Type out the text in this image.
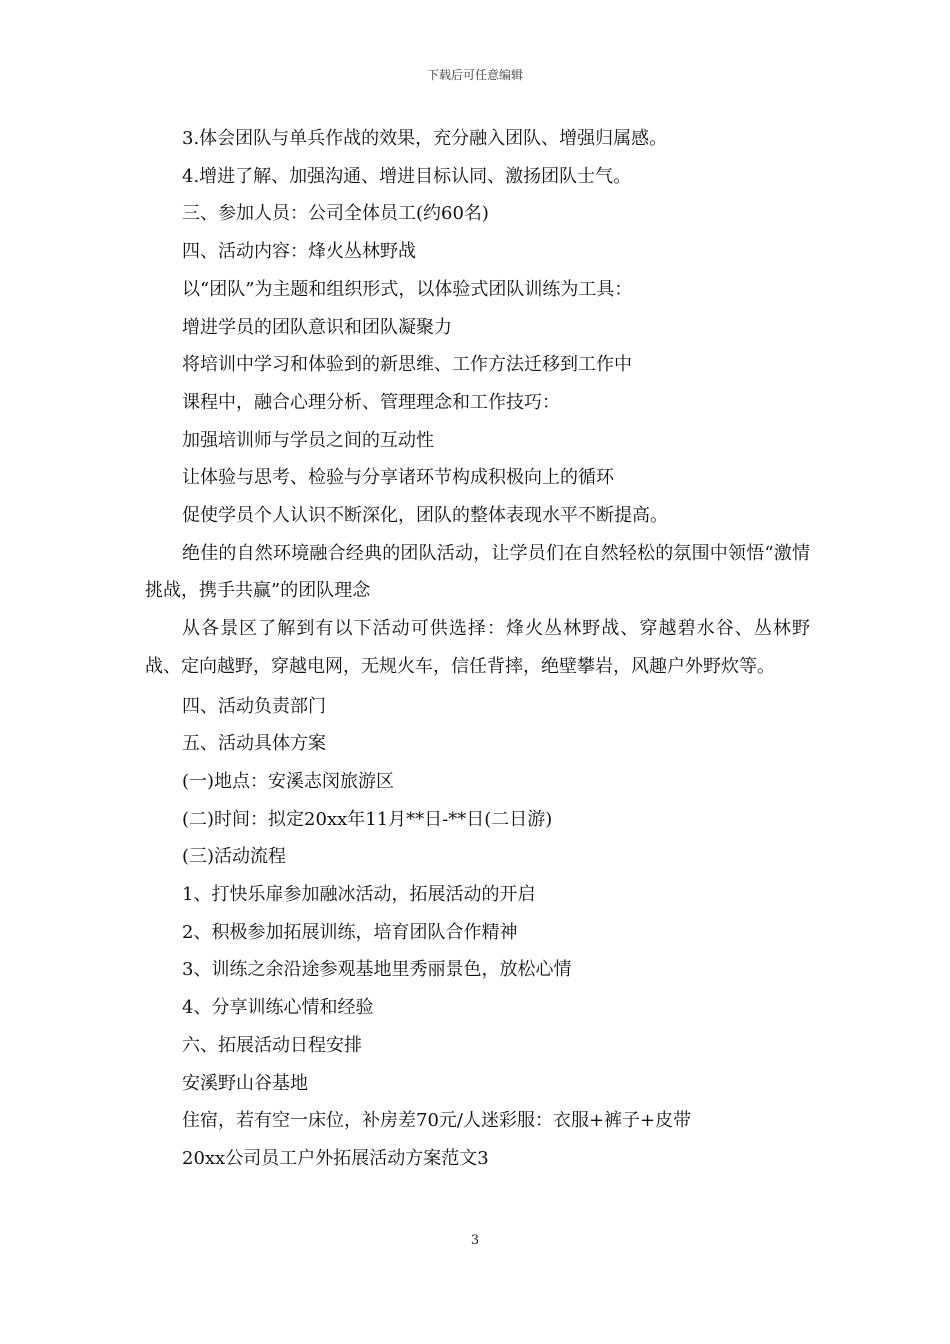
下载后可任意编辑

3.体会团队与单兵作战的效果，充分融入团队、增强归属感。

4.增进了解、加强沟通、增进目标认同、激扬团队士气。

三、参加人员：公司全体员工(约60名)

四、活动内容：烽火丛林野战

以“团队”为主题和组织形式，以体验式团队训练为工具：

增进学员的团队意识和团队凝聚力

将培训中学习和体验到的新思维、工作方法迁移到工作中

课程中，融合心理分析、管理理念和工作技巧：

加强培训师与学员之间的互动性

让体验与思考、检验与分享诸环节构成积极向上的循环

促使学员个人认识不断深化，团队的整体表现水平不断提高。

绝佳的自然环境融合经典的团队活动，让学员们在自然轻松的氛围中领悟“激情挑战，携手共赢”的团队理念

从各景区了解到有以下活动可供选择：烽火丛林野战、穿越碧水谷、丛林野战、定向越野，穿越电网，无规火车，信任背摔，绝壁攀岩，风趣户外野炊等。

四、活动负责部门

五、活动具体方案

(一)地点：安溪志闵旅游区

(二)时间：拟定20xx年11月**日-**日(二日游)

(三)活动流程

1、打快乐扉参加融冰活动，拓展活动的开启

2、积极参加拓展训练，培育团队合作精神

3、训练之余沿途参观基地里秀丽景色，放松心情

4、分享训练心情和经验

六、拓展活动日程安排

安溪野山谷基地

住宿，若有空一床位，补房差70元/人迷彩服：衣服+裤子+皮带

20xx公司员工户外拓展活动方案范文3

3
